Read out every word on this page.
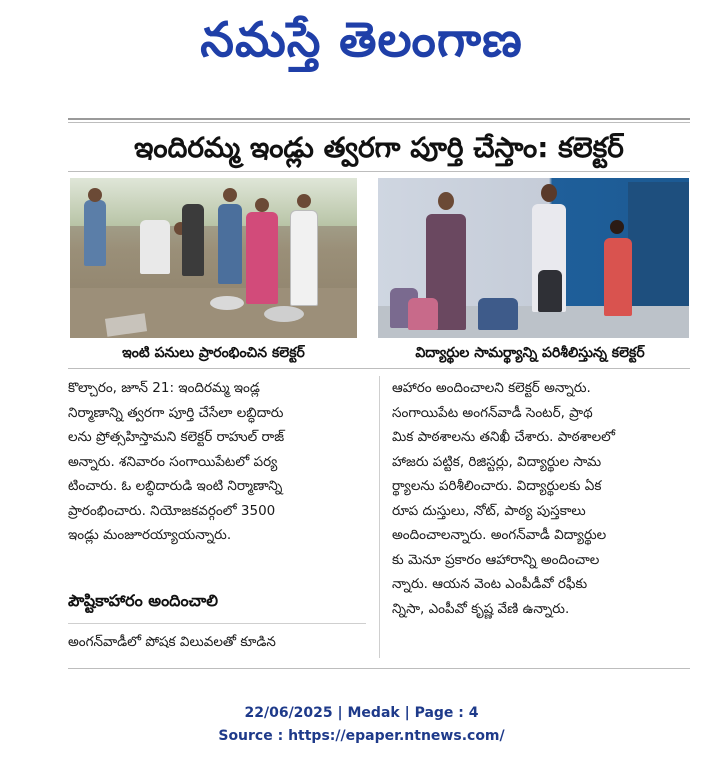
నమస్తే తెలంగాణ
ఇందిరమ్మ ఇండ్లు త్వరగా పూర్తి చేస్తాం: కలెక్టర్
ఇంటి పనులు ప్రారంభించిన కలెక్టర్	విద్యార్థుల సామర్థ్యాన్ని పరిశీలిస్తున్న కలెక్టర్

కొల్చారం, జూన్ 21: ఇందిరమ్మ ఇండ్ల

నిర్మాణాన్ని త్వరగా పూర్తి చేసేలా లబ్ధిదారు

లను ప్రోత్సహిస్తామని కలెక్టర్ రాహుల్ రాజ్

అన్నారు. శనివారం సంగాయిపేటలో పర్య

టించారు. ఓ లబ్ధిదారుడి ఇంటి నిర్మాణాన్ని

ప్రారంభించారు. నియోజకవర్గంలో 3500

ఇండ్లు మంజూరయ్యాయన్నారు.

పౌష్టికాహారం అందించాలి

అంగన్‌వాడీలో పోషక విలువలతో కూడిన

ఆహారం అందించాలని కలెక్టర్ అన్నారు.

సంగాయిపేట అంగన్‌వాడీ సెంటర్, ప్రాథ

మిక పాఠశాలను తనిఖీ చేశారు. పాఠశాలలో

హాజరు పట్టిక, రిజిస్టర్లు, విద్యార్థుల సామ

ర్థ్యాలను పరిశీలించారు. విద్యార్థులకు ఏక

రూప దుస్తులు, నోట్, పాఠ్య పుస్తకాలు

అందించాలన్నారు. అంగన్‌వాడీ విద్యార్థుల

కు మెనూ ప్రకారం ఆహారాన్ని అందించాల

న్నారు. ఆయన వెంట ఎంపీడీవో రఫీకు

న్నిసా, ఎంపీవో కృష్ణ వేణి ఉన్నారు.

22/06/2025 | Medak | Page : 4
Source : https://epaper.ntnews.com/
